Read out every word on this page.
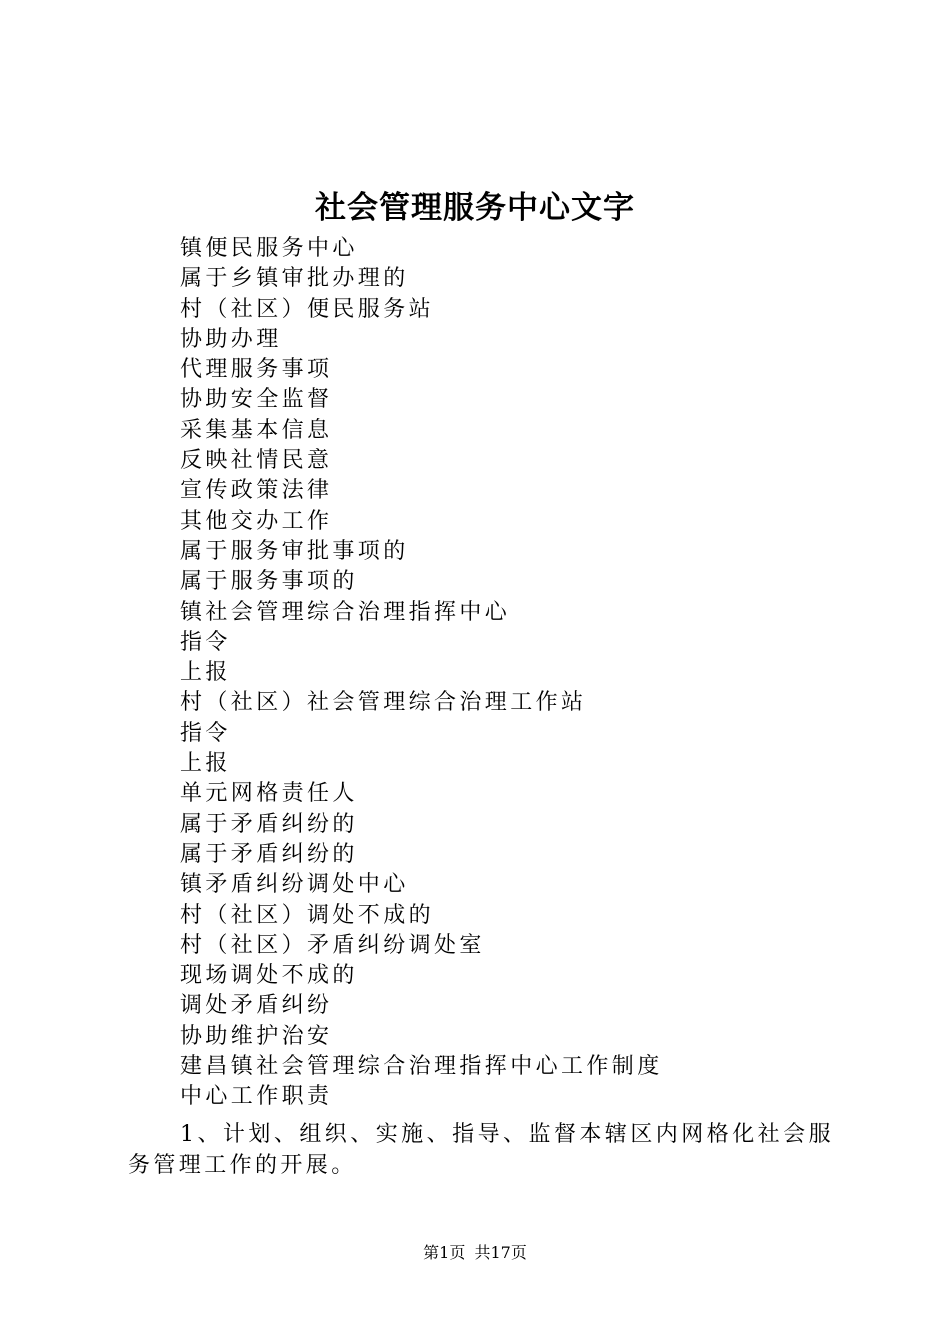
社会管理服务中心文字
镇便民服务中心
属于乡镇审批办理的
村（社区）便民服务站
协助办理
代理服务事项
协助安全监督
采集基本信息
反映社情民意
宣传政策法律
其他交办工作
属于服务审批事项的
属于服务事项的
镇社会管理综合治理指挥中心
指令
上报
村（社区）社会管理综合治理工作站
指令
上报
单元网格责任人
属于矛盾纠纷的
属于矛盾纠纷的
镇矛盾纠纷调处中心
村（社区）调处不成的
村（社区）矛盾纠纷调处室
现场调处不成的
调处矛盾纠纷
协助维护治安
建昌镇社会管理综合治理指挥中心工作制度
中心工作职责

1、计划、组织、实施、指导、监督本辖区内网格化社会服务管理工作的开展。

第1页 共17页
